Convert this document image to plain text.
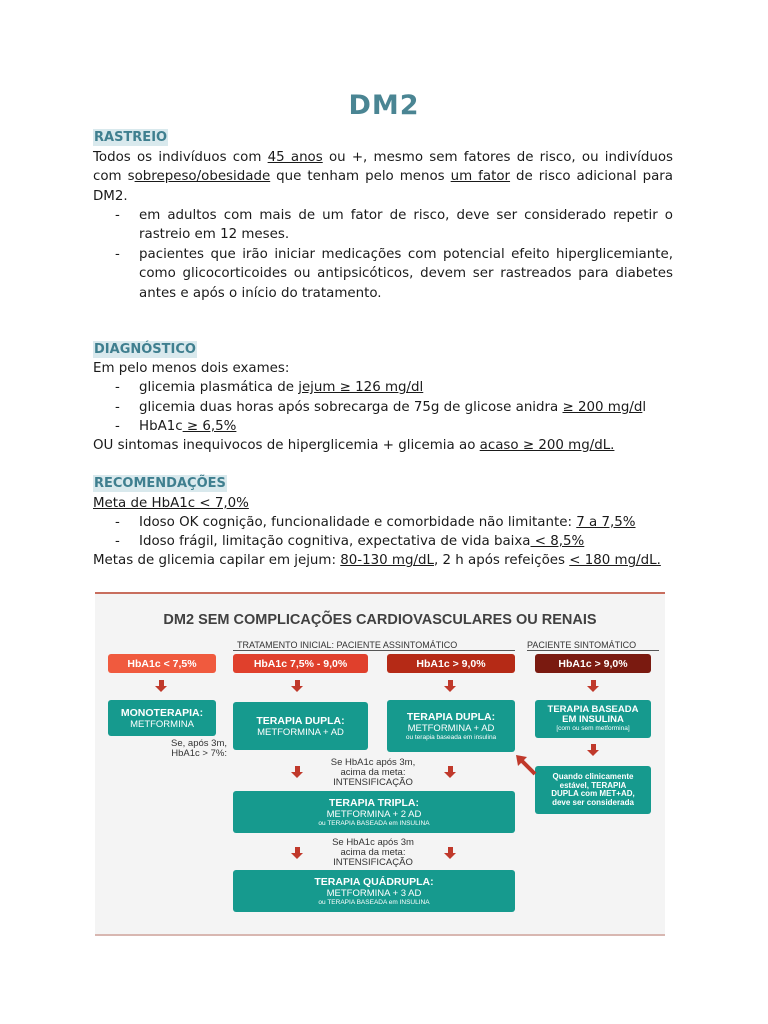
DM2
RASTREIO
Todos os indivíduos com 45 anos ou +, mesmo sem fatores de risco, ou indivíduos com sobrepeso/obesidade que tenham pelo menos um fator de risco adicional para DM2.
- em adultos com mais de um fator de risco, deve ser considerado repetir o rastreio em 12 meses.
- pacientes que irão iniciar medicações com potencial efeito hiperglicemiante, como glicocorticoides ou antipsicóticos, devem ser rastreados para diabetes antes e após o início do tratamento.
DIAGNÓSTICO
Em pelo menos dois exames:
- glicemia plasmática de jejum ≥ 126 mg/dl
- glicemia duas horas após sobrecarga de 75g de glicose anidra ≥ 200 mg/dl
- HbA1c ≥ 6,5%
OU sintomas inequivocos de hiperglicemia + glicemia ao acaso ≥ 200 mg/dL.
RECOMENDAÇÕES
Meta de HbA1c < 7,0%
- Idoso OK cognição, funcionalidade e comorbidade não limitante: 7 a 7,5%
- Idoso frágil, limitação cognitiva, expectativa de vida baixa < 8,5%
Metas de glicemia capilar em jejum: 80-130 mg/dL, 2 h após refeições < 180 mg/dL.
DM2 SEM COMPLICAÇÕES CARDIOVASCULARES OU RENAIS
TRATAMENTO INICIAL: PACIENTE ASSINTOMÁTICO	PACIENTE SINTOMÁTICO
HbA1c < 7,5%	HbA1c 7,5% - 9,0%	HbA1c > 9,0%	HbA1c > 9,0%
MONOTERAPIA:
METFORMINA
Se, após 3m,
HbA1c > 7%:
TERAPIA DUPLA:
METFORMINA + AD
TERAPIA DUPLA:
METFORMINA + AD
ou terapia baseada em insulina
TERAPIA BASEADA
EM INSULINA
[com ou sem metformina]
Quando clinicamente
estável, TERAPIA
DUPLA com MET+AD,
deve ser considerada
Se HbA1c após 3m,
acima da meta:
INTENSIFICAÇÃO
TERAPIA TRIPLA:
METFORMINA + 2 AD
ou TERAPIA BASEADA em INSULINA
Se HbA1c após 3m
acima da meta:
INTENSIFICAÇÃO
TERAPIA QUÁDRUPLA:
METFORMINA + 3 AD
ou TERAPIA BASEADA em INSULINA
